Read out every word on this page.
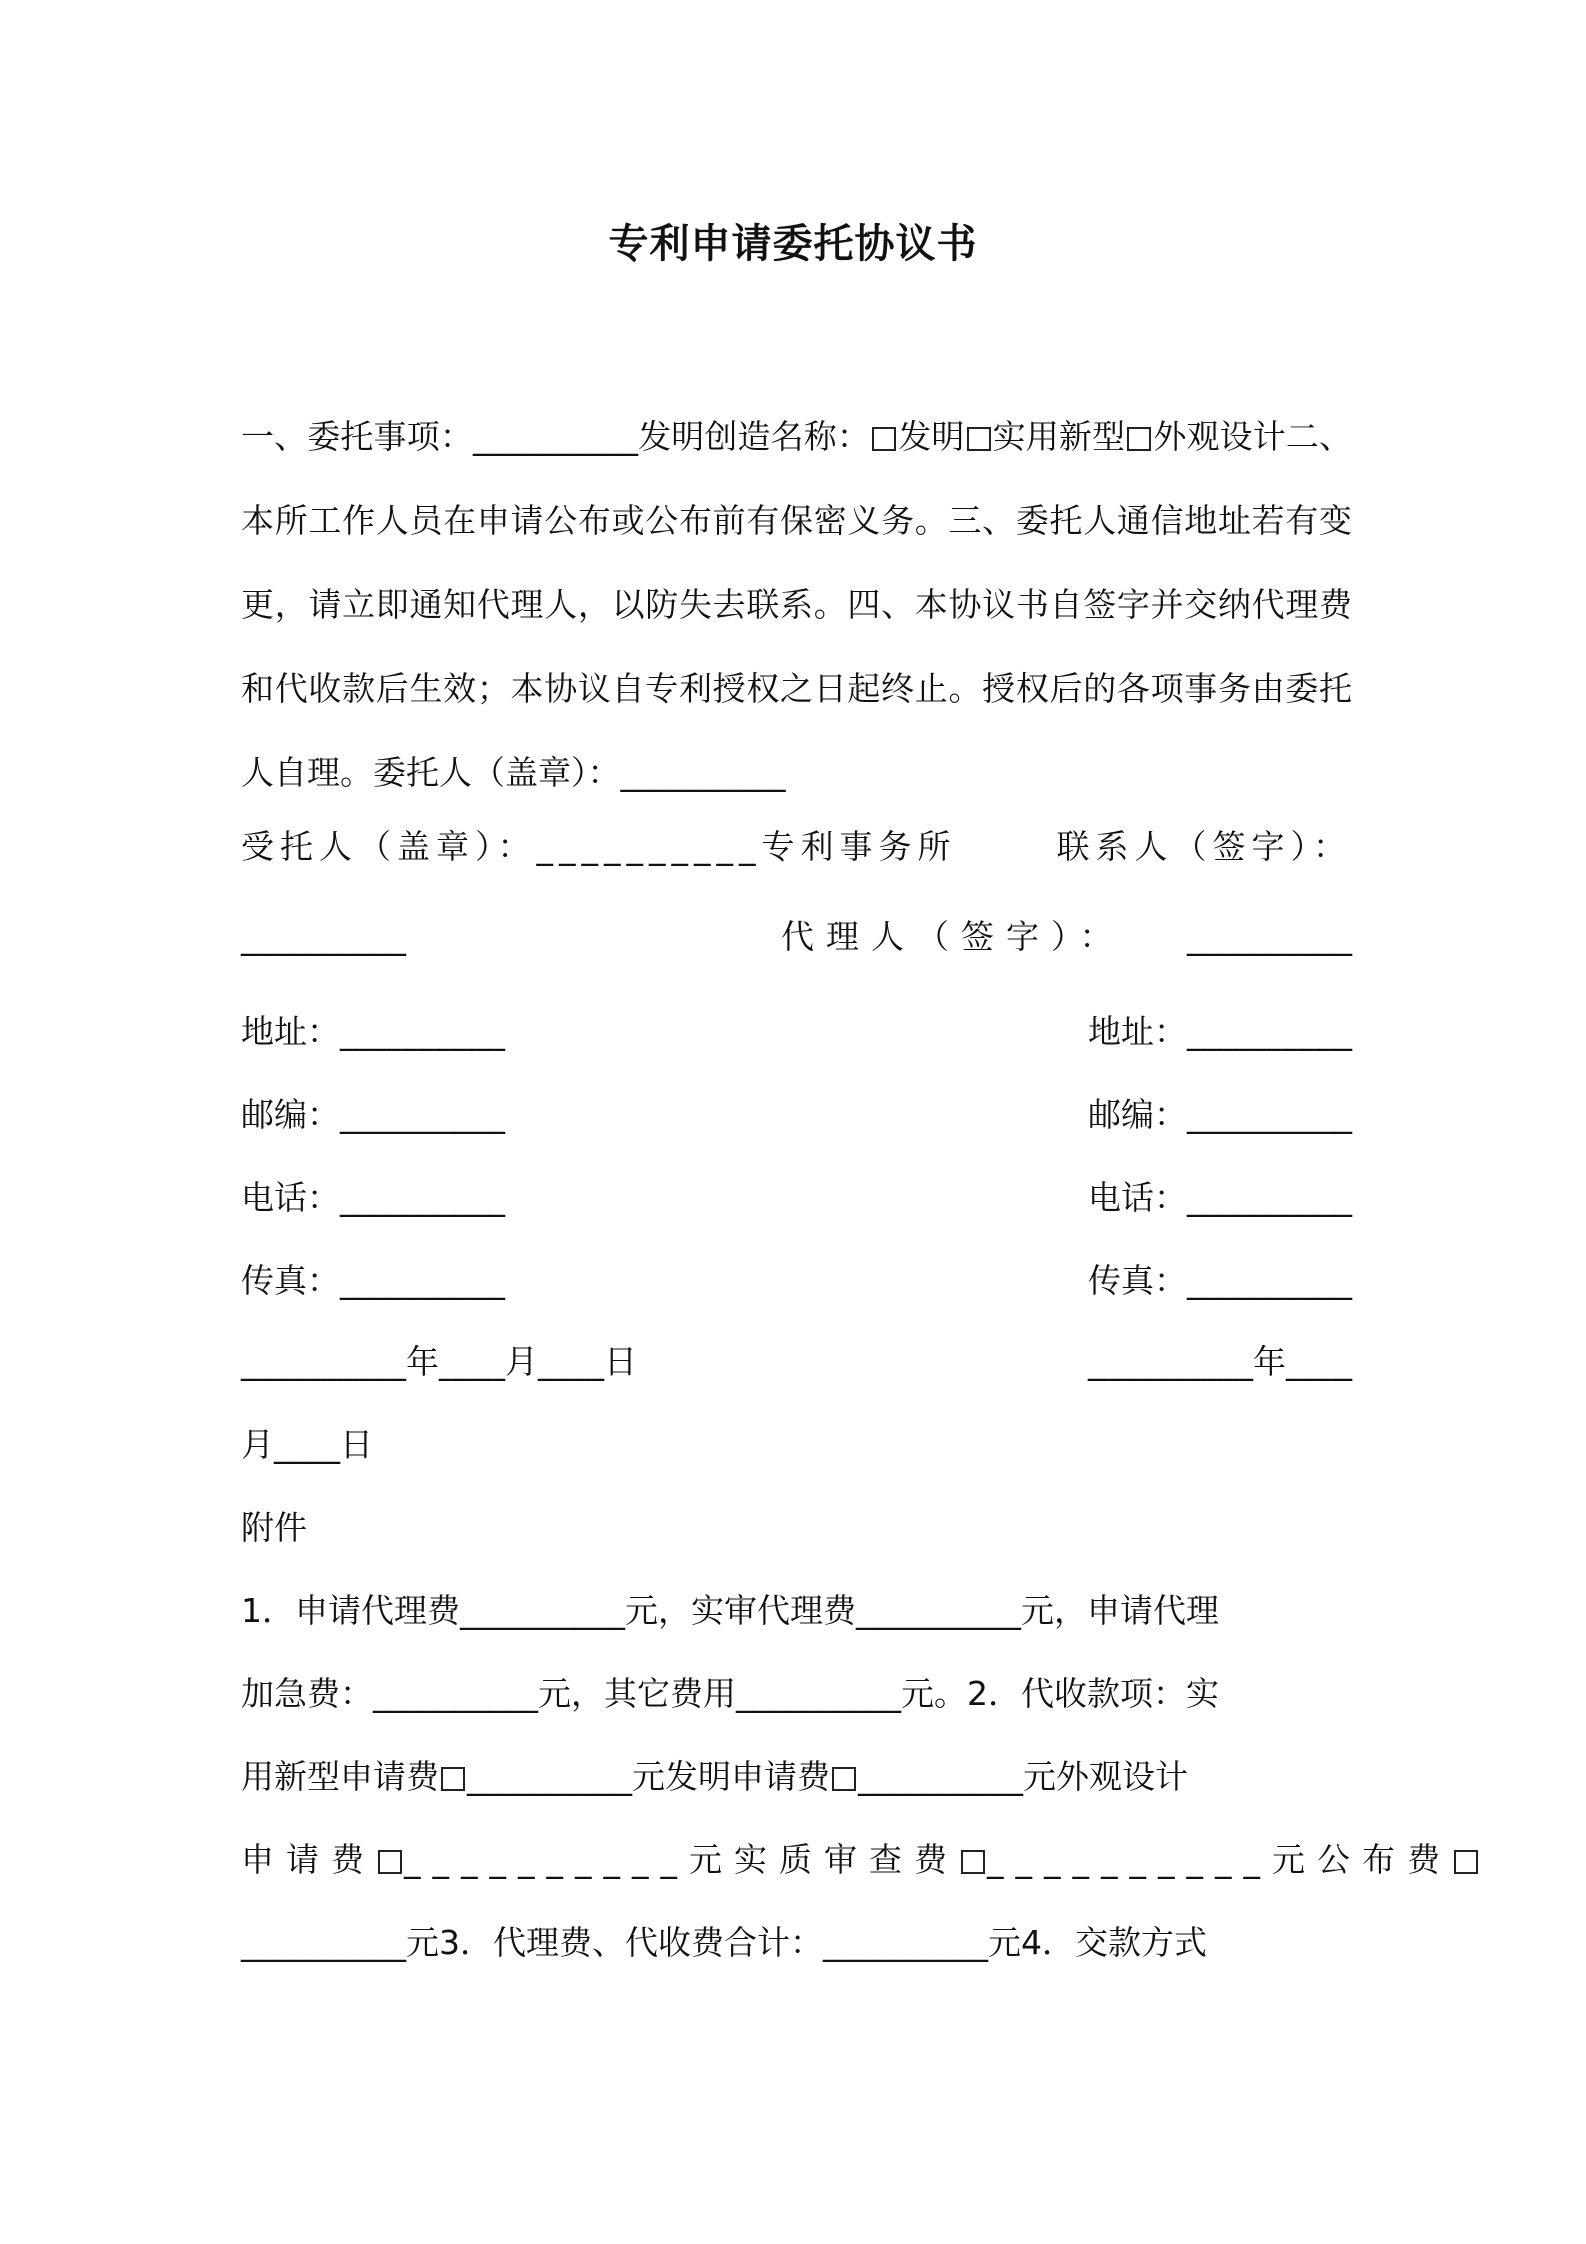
专利申请委托协议书
一、委托事项：__________发明创造名称： 发明 实用新型 外观设计二、本所工作人员在申请公布或公布前有保密义务。三、委托人通信地址若有变更，请立即通知代理人，以防失去联系。四、本协议书自签字并交纳代理费和代收款后生效；本协议自专利授权之日起终止。授权后的各项事务由委托人自理。委托人（盖章）：__________
受托人（盖章）：__________专利事务所	联系人（签字）：
__________	代理人（签字）： __________
地址：__________	地址：__________
邮编：__________	邮编：__________
电话：__________	电话：__________
传真：__________	传真：__________
__________年____月____日	__________年____
月____日
附件
1．申请代理费__________元，实审代理费__________元，申请代理
加急费：__________元，其它费用__________元。2．代收款项：实
用新型申请费 __________元发明申请费 __________元外观设计
申请费 __________元实质审查费 __________元公布费
__________元3．代理费、代收费合计：__________元4．交款方式
